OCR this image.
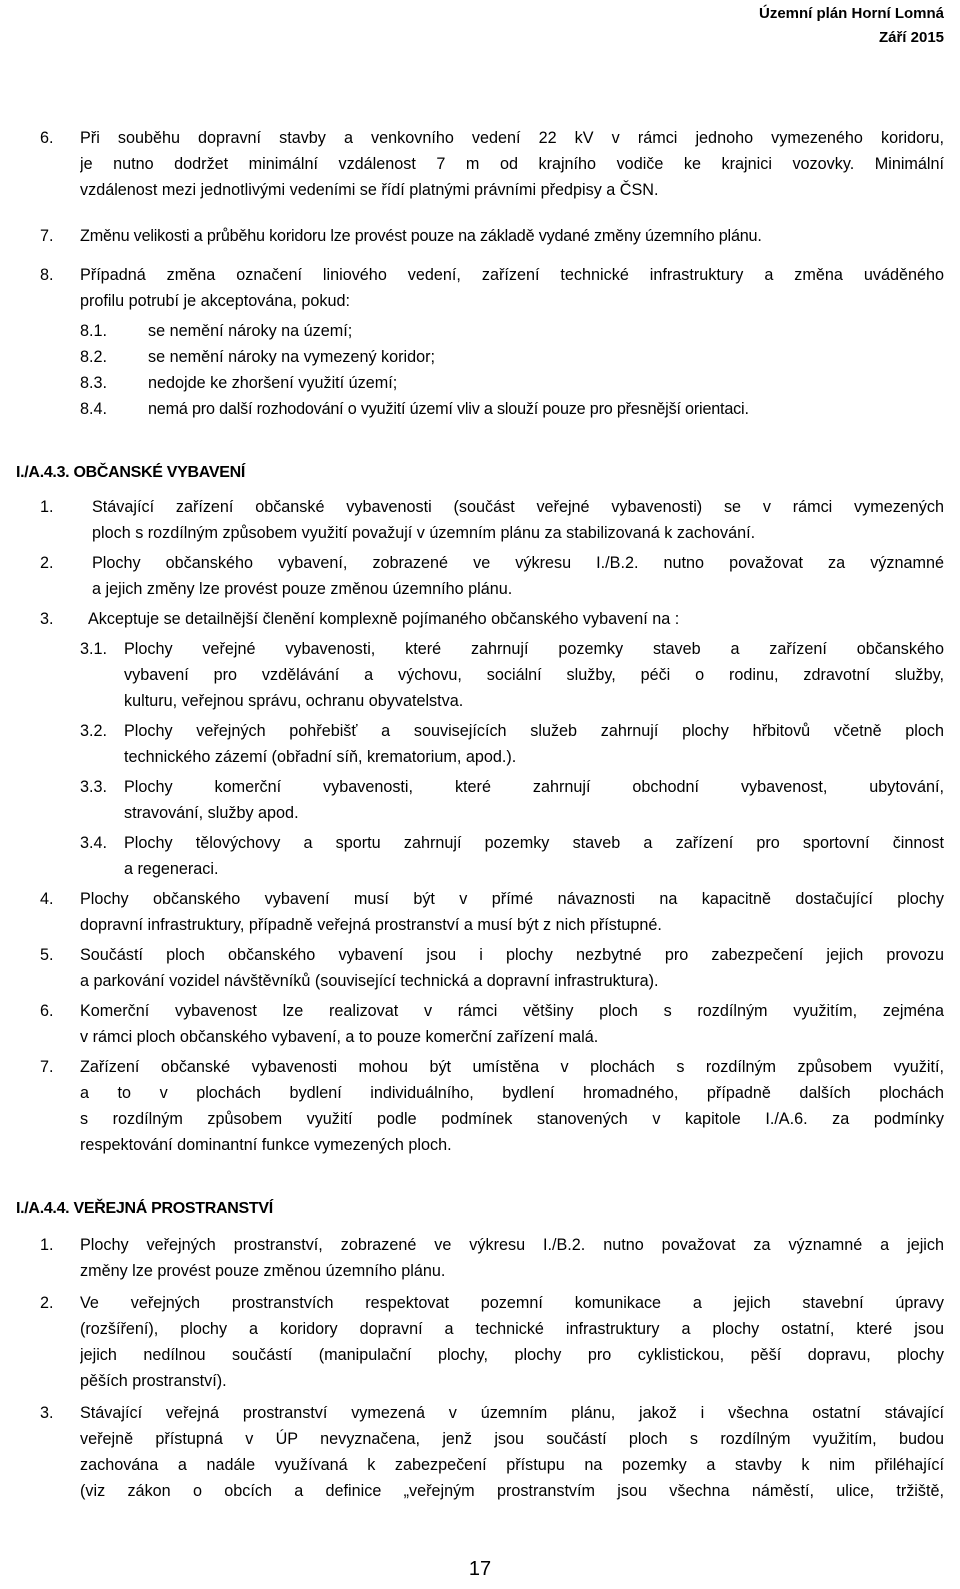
Územní plán Horní Lomná
Září 2015
6. Při souběhu dopravní stavby a venkovního vedení 22 kV v rámci jednoho vymezeného koridoru,
je nutno dodržet minimální vzdálenost 7 m od krajního vodiče ke krajnici vozovky. Minimální
vzdálenost mezi jednotlivými vedeními se řídí platnými právními předpisy a ČSN.
7. Změnu velikosti a průběhu koridoru lze provést pouze na základě vydané změny územního plánu.
8. Případná změna označení liniového vedení, zařízení technické infrastruktury a změna uváděného
profilu potrubí je akceptována, pokud:
8.1.	se nemění nároky na území;
8.2.	se nemění nároky na vymezený koridor;
8.3.	nedojde ke zhoršení využití území;
8.4.	nemá pro další rozhodování o využití území vliv a slouží pouze pro přesnější orientaci.
I./A.4.3. OBČANSKÉ VYBAVENÍ
1. Stávající zařízení občanské vybavenosti (součást veřejné vybavenosti) se v rámci vymezených
ploch s rozdílným způsobem využití považují v územním plánu za stabilizovaná k zachování.
2. Plochy občanského vybavení, zobrazené ve výkresu I./B.2. nutno považovat za významné
a jejich změny lze provést pouze změnou územního plánu.
3. Akceptuje se detailnější členění komplexně pojímaného občanského vybavení na :
3.1. Plochy veřejné vybavenosti, které zahrnují pozemky staveb a zařízení občanského
vybavení pro vzdělávání a výchovu, sociální služby, péči o rodinu, zdravotní služby,
kulturu, veřejnou správu, ochranu obyvatelstva.
3.2. Plochy veřejných pohřebišť a souvisejících služeb zahrnují plochy hřbitovů včetně ploch
technického zázemí (obřadní síň, krematorium, apod.).
3.3. Plochy komerční vybavenosti, které zahrnují obchodní vybavenost, ubytování,
stravování, služby apod.
3.4. Plochy tělovýchovy a sportu zahrnují pozemky staveb a zařízení pro sportovní činnost
a regeneraci.
4. Plochy občanského vybavení musí být v přímé návaznosti na kapacitně dostačující plochy
dopravní infrastruktury, případně veřejná prostranství a musí být z nich přístupné.
5. Součástí ploch občanského vybavení jsou i plochy nezbytné pro zabezpečení jejich provozu
a parkování vozidel návštěvníků (související technická a dopravní infrastruktura).
6. Komerční vybavenost lze realizovat v rámci většiny ploch s rozdílným využitím, zejména
v rámci ploch občanského vybavení, a to pouze komerční zařízení malá.
7. Zařízení občanské vybavenosti mohou být umístěna v plochách s rozdílným způsobem využití,
a to v plochách bydlení individuálního, bydlení hromadného, případně dalších plochách
s rozdílným způsobem využití podle podmínek stanovených v kapitole I./A.6. za podmínky
respektování dominantní funkce vymezených ploch.
I./A.4.4. VEŘEJNÁ PROSTRANSTVÍ
1. Plochy veřejných prostranství, zobrazené ve výkresu I./B.2. nutno považovat za významné a jejich
změny lze provést pouze změnou územního plánu.
2. Ve veřejných prostranstvích respektovat pozemní komunikace a jejich stavební úpravy
(rozšíření), plochy a koridory dopravní a technické infrastruktury a plochy ostatní, které jsou
jejich nedílnou součástí (manipulační plochy, plochy pro cyklistickou, pěší dopravu, plochy
pěších prostranství).
3. Stávající veřejná prostranství vymezená v územním plánu, jakož i všechna ostatní stávající
veřejně přístupná v ÚP nevyznačena, jenž jsou součástí ploch s rozdílným využitím, budou
zachována a nadále využívaná k zabezpečení přístupu na pozemky a stavby k nim přiléhající
(viz zákon o obcích a definice „veřejným prostranstvím jsou všechna náměstí, ulice, tržiště,
17
